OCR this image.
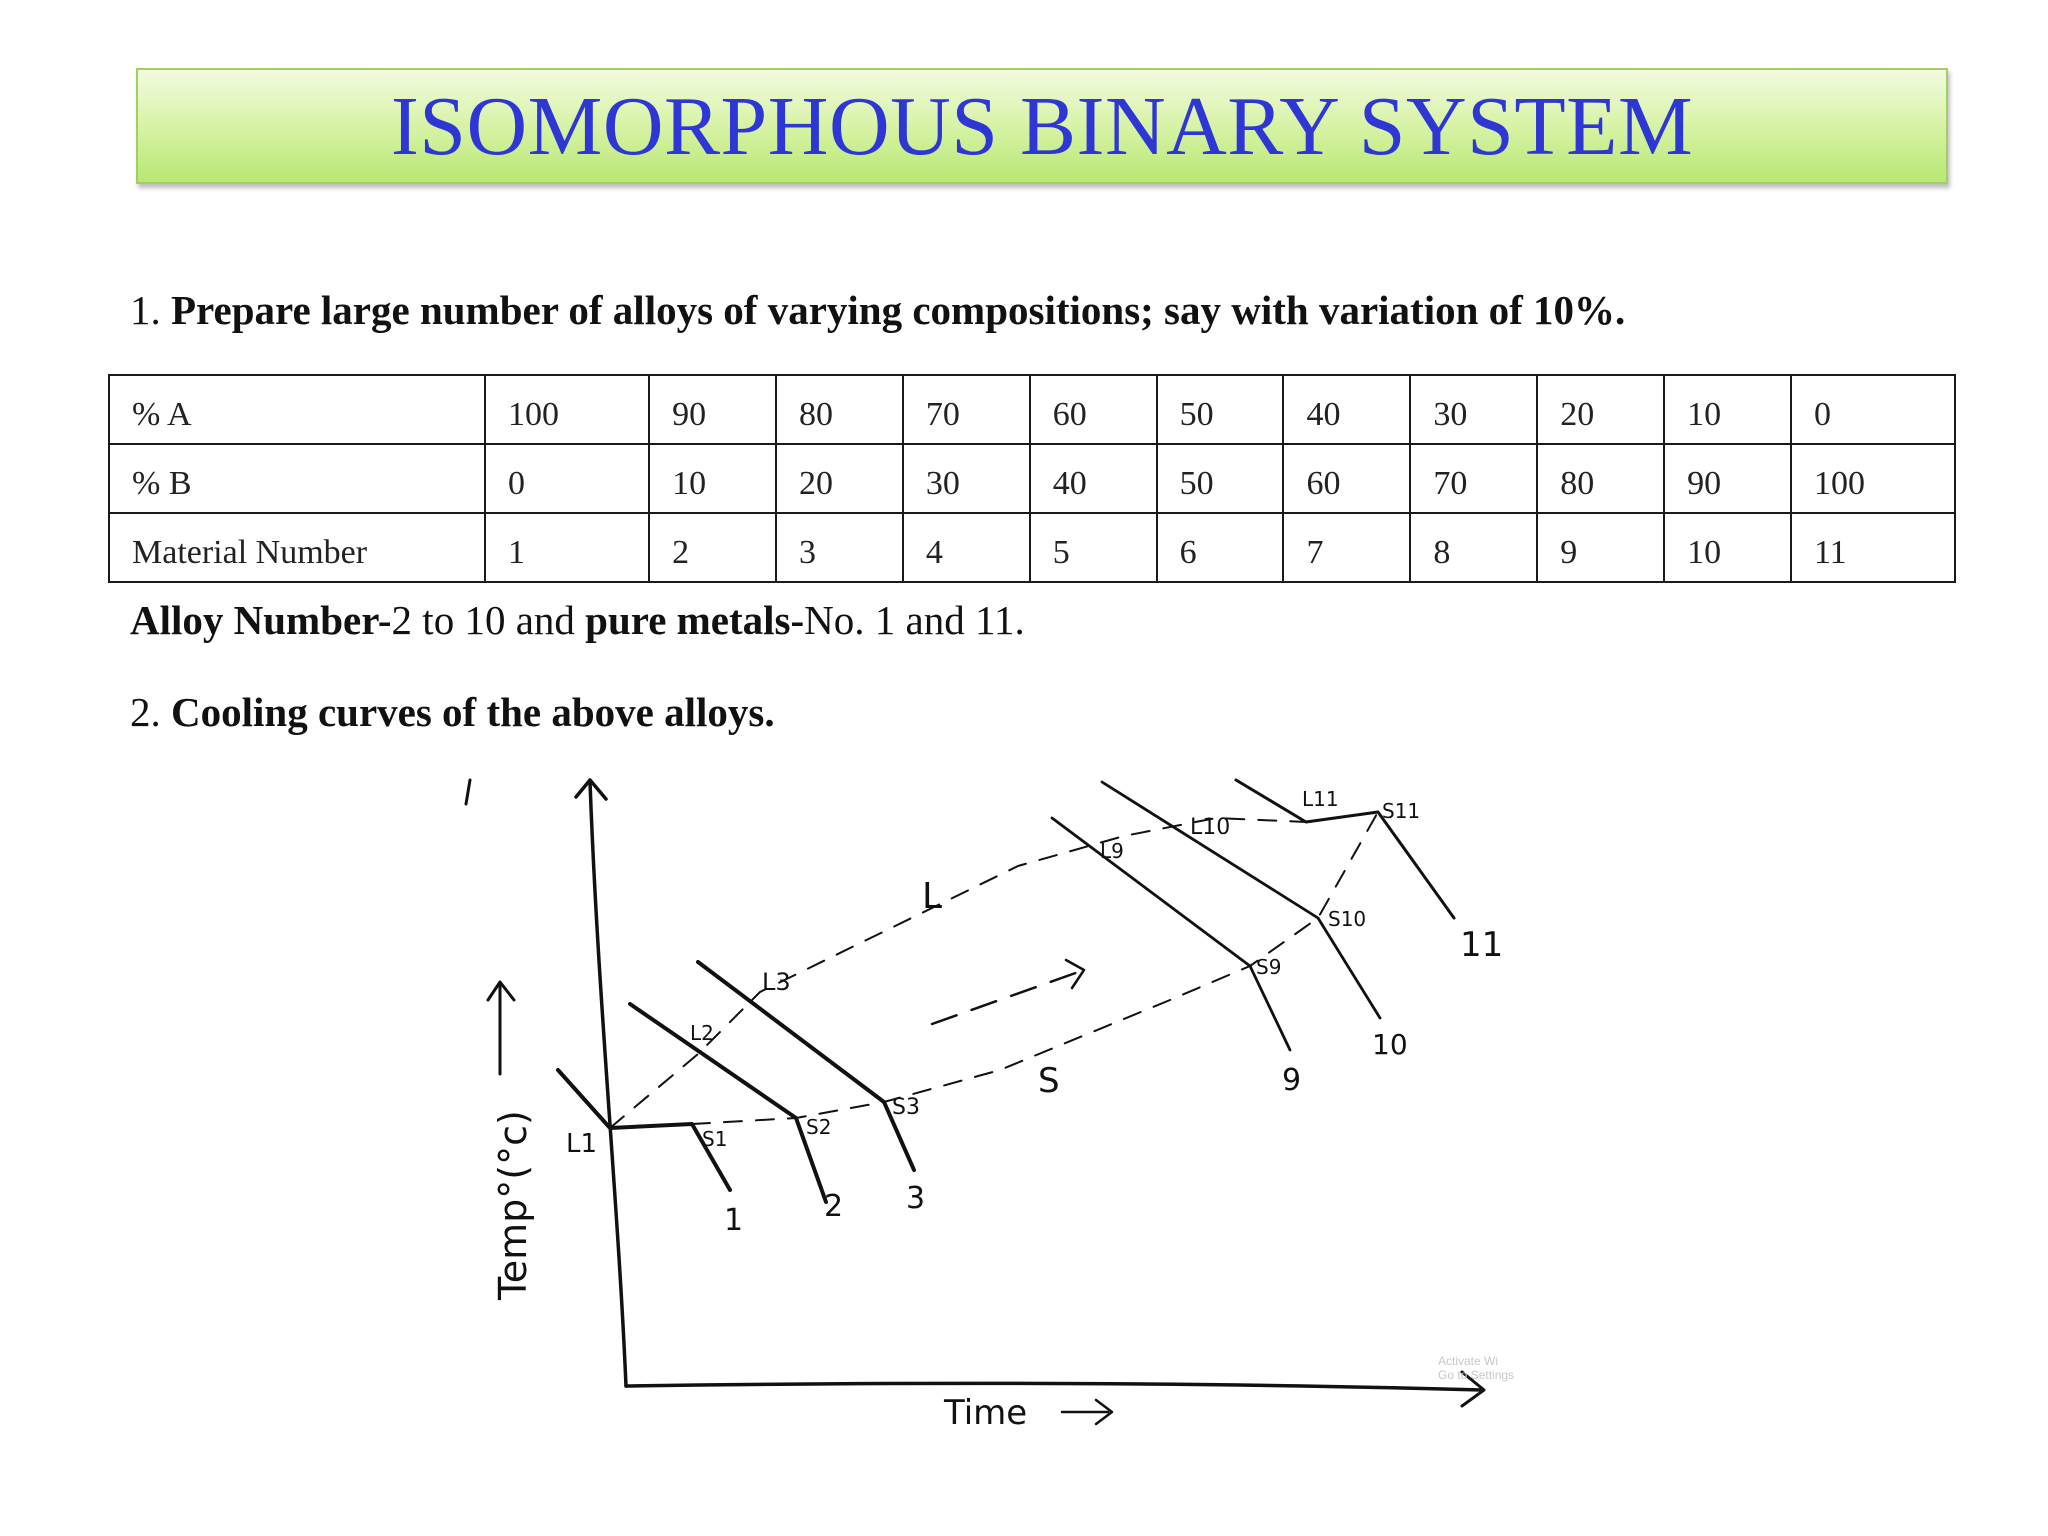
ISOMORPHOUS BINARY SYSTEM
1. Prepare large number of alloys of varying compositions; say with variation of 10%.
% A	100	90	80	70	60	50	40	30	20	10	0
% B	0	10	20	30	40	50	60	70	80	90	100
Material Number	1	2	3	4	5	6	7	8	9	10	11
Alloy Number-2 to 10 and pure metals-No. 1 and 11.
2. Cooling curves of the above alloys.
Temp°(°c)
Time
L
S
L1
L2
L3
L9
L10
L11
S1	S2
S3
S9
S10
S11
1	2 3
9
10
11
Activate Wi
Go to Settings
